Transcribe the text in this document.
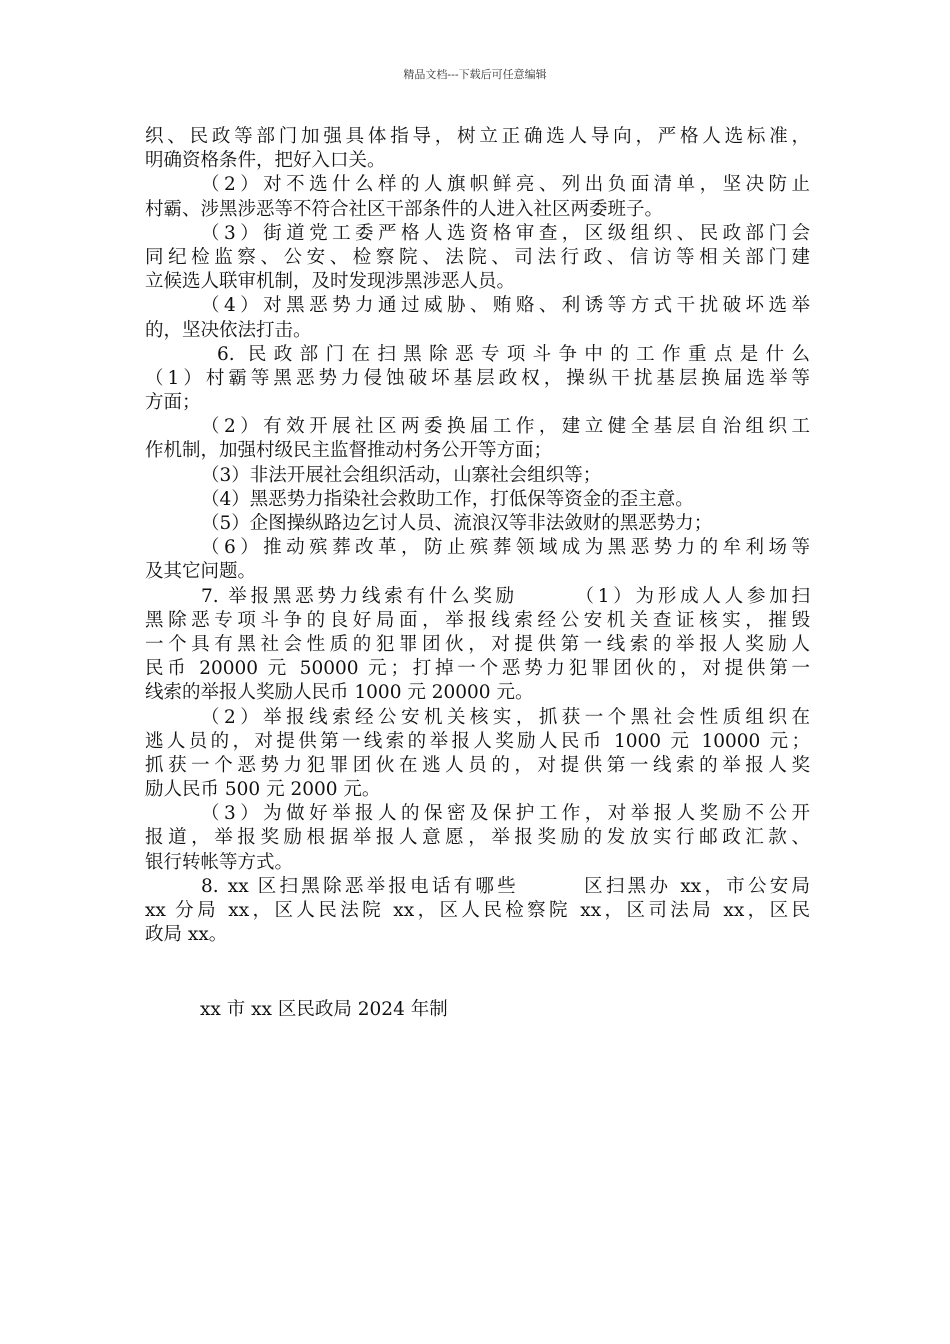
精品文档---下载后可任意编辑
织、民政等部门加强具体指导，树立正确选人导向，严格人选标准，
明确资格条件，把好入口关。
（2）对不选什么样的人旗帜鲜亮、列出负面清单，坚决防止
村霸、涉黑涉恶等不符合社区干部条件的人进入社区两委班子。
（3）街道党工委严格人选资格审查，区级组织、民政部门会
同纪检监察、公安、检察院、法院、司法行政、信访等相关部门建
立候选人联审机制，及时发现涉黑涉恶人员。
（4）对黑恶势力通过威胁、贿赂、利诱等方式干扰破坏选举
的，坚决依法打击。
6. 民政部门在扫黑除恶专项斗争中的工作重点是什么
（1）村霸等黑恶势力侵蚀破坏基层政权，操纵干扰基层换届选举等
方面；
（2）有效开展社区两委换届工作，建立健全基层自治组织工
作机制，加强村级民主监督推动村务公开等方面；
（3）非法开展社会组织活动，山寨社会组织等；
（4）黑恶势力指染社会救助工作，打低保等资金的歪主意。
（5）企图操纵路边乞讨人员、流浪汉等非法敛财的黑恶势力；
（6）推动殡葬改革，防止殡葬领域成为黑恶势力的牟利场等
及其它问题。
7. 举报黑恶势力线索有什么奖励　　　（1）为形成人人参加扫
黑除恶专项斗争的良好局面，举报线索经公安机关查证核实，摧毁
一个具有黑社会性质的犯罪团伙，对提供第一线索的举报人奖励人
民币 20000 元 50000 元；打掉一个恶势力犯罪团伙的，对提供第一
线索的举报人奖励人民币 1000 元 20000 元。
（2）举报线索经公安机关核实，抓获一个黑社会性质组织在
逃人员的，对提供第一线索的举报人奖励人民币 1000 元 10000 元；
抓获一个恶势力犯罪团伙在逃人员的，对提供第一线索的举报人奖
励人民币 500 元 2000 元。
（3）为做好举报人的保密及保护工作，对举报人奖励不公开
报道，举报奖励根据举报人意愿，举报奖励的发放实行邮政汇款、
银行转帐等方式。
8. xx 区扫黑除恶举报电话有哪些　　　区扫黑办 xx，市公安局
xx 分局 xx，区人民法院 xx，区人民检察院 xx，区司法局 xx，区民
政局 xx。
xx 市 xx 区民政局 2024 年制
